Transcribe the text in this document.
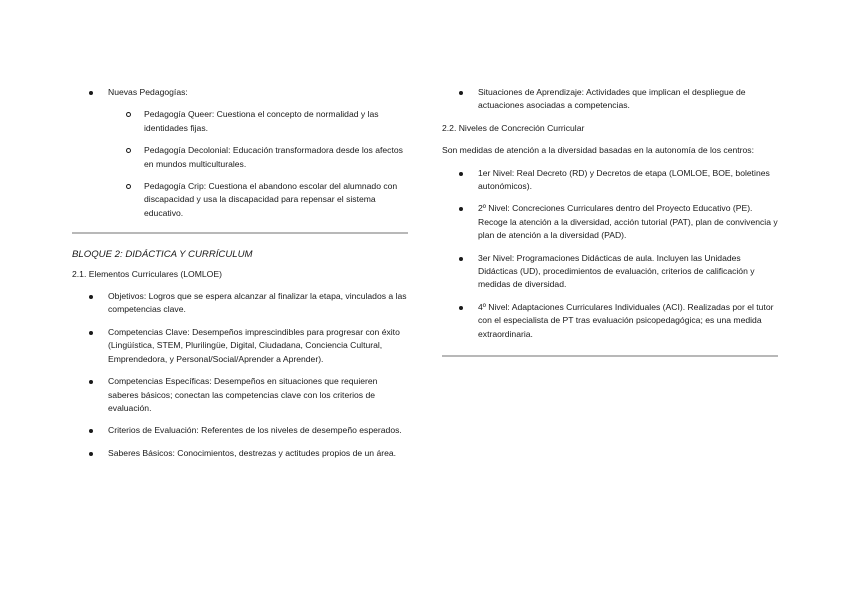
Nuevas Pedagogías:
Pedagogía Queer: Cuestiona el concepto de normalidad y las identidades fijas.
Pedagogía Decolonial: Educación transformadora desde los afectos en mundos multiculturales.
Pedagogía Crip: Cuestiona el abandono escolar del alumnado con discapacidad y usa la discapacidad para repensar el sistema educativo.
BLOQUE 2: DIDÁCTICA Y CURRÍCULUM
2.1. Elementos Curriculares (LOMLOE)
Objetivos: Logros que se espera alcanzar al finalizar la etapa, vinculados a las competencias clave.
Competencias Clave: Desempeños imprescindibles para progresar con éxito (Lingüística, STEM, Plurilingüe, Digital, Ciudadana, Conciencia Cultural, Emprendedora, y Personal/Social/Aprender a Aprender).
Competencias Específicas: Desempeños en situaciones que requieren saberes básicos; conectan las competencias clave con los criterios de evaluación.
Criterios de Evaluación: Referentes de los niveles de desempeño esperados.
Saberes Básicos: Conocimientos, destrezas y actitudes propios de un área.
Situaciones de Aprendizaje: Actividades que implican el despliegue de actuaciones asociadas a competencias.
2.2. Niveles de Concreción Curricular
Son medidas de atención a la diversidad basadas en la autonomía de los centros:
1er Nivel: Real Decreto (RD) y Decretos de etapa (LOMLOE, BOE, boletines autonómicos).
2º Nivel: Concreciones Curriculares dentro del Proyecto Educativo (PE). Recoge la atención a la diversidad, acción tutorial (PAT), plan de convivencia y plan de atención a la diversidad (PAD).
3er Nivel: Programaciones Didácticas de aula. Incluyen las Unidades Didácticas (UD), procedimientos de evaluación, criterios de calificación y medidas de diversidad.
4º Nivel: Adaptaciones Curriculares Individuales (ACI). Realizadas por el tutor con el especialista de PT tras evaluación psicopedagógica; es una medida extraordinaria.
